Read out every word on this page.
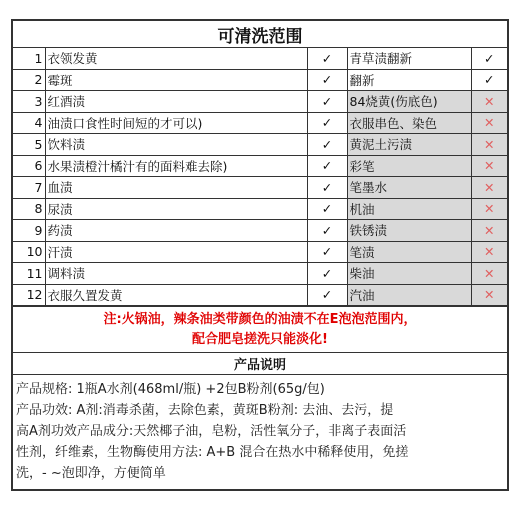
可清洗范围
1	衣领发黄	✓	青草渍翻新	✓
2	霉斑	✓	翻新	✓
3	红酒渍	✓	84烧黄(伤底色)	✕
4	油渍口食性时间短的才可以)	✓	衣服串色、染色	✕
5	饮料渍	✓	黄泥土污渍	✕
6	水果渍橙汁橘汁有的面料难去除)	✓	彩笔	✕
7	血渍	✓	笔墨水	✕
8	尿渍	✓	机油	✕
9	药渍	✓	铁锈渍	✕
10	汗渍	✓	笔渍	✕
11	调料渍	✓	柴油	✕
12	衣服久置发黄	✓	汽油	✕
注:火锅油，辣条油类带颜色的油渍不在E泡泡范围内，
配合肥皂搓洗只能淡化!
产品说明
产品规格: 1瓶A水剂(468ml/瓶) +2包B粉剂(65g/包)
产品功效: A剂:消毒杀菌，去除色素，黄斑B粉剂: 去油、去污，提
高A剂功效产品成分:天然椰子油，皂粉，活性氧分子，非离子表面活
性剂，纤维素，生物酶使用方法: A+B 混合在热水中稀释使用，免搓
洗，- ~泡即净，方便简单
